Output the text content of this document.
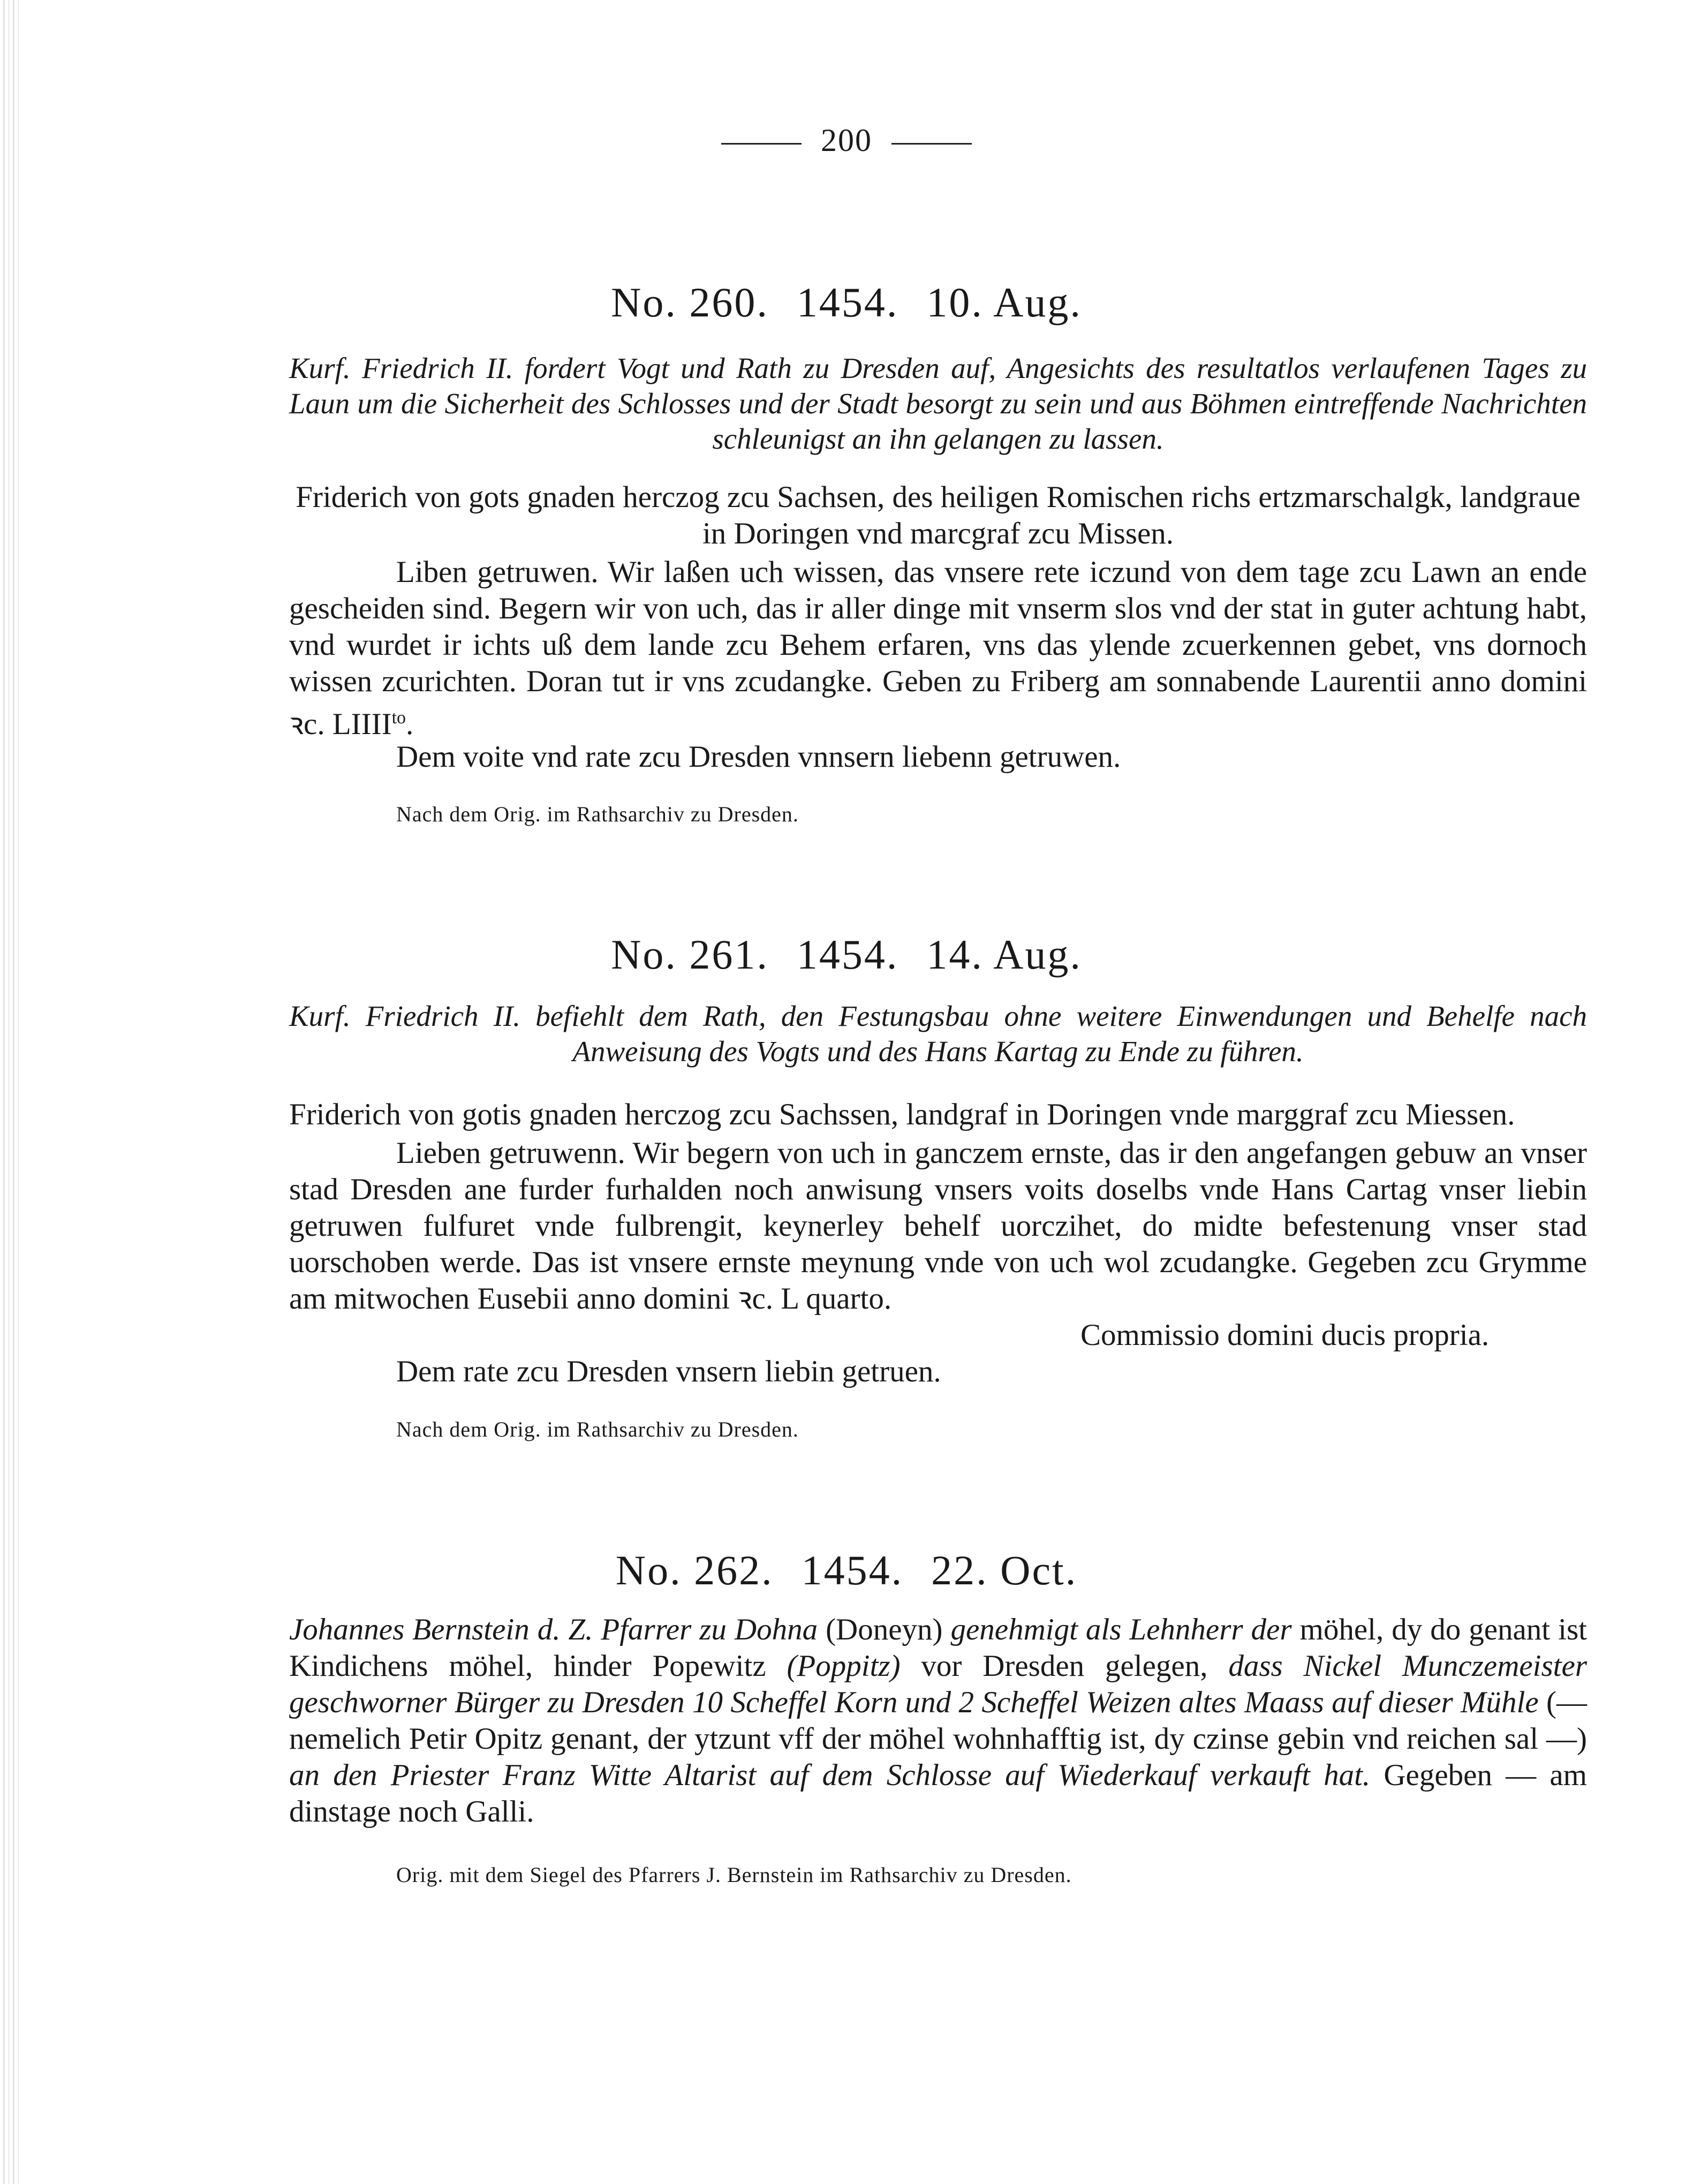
200
No. 260. 1454. 10. Aug.
Kurf. Friedrich II. fordert Vogt und Rath zu Dresden auf, Angesichts des resultatlos verlaufenen Tages zu Laun um die Sicherheit des Schlosses und der Stadt besorgt zu sein und aus Böhmen eintreffende Nachrichten schleunigst an ihn gelangen zu lassen.
Friderich von gots gnaden herczog zcu Sachsen, des heiligen Romischen richs ertzmarschalgk, landgraue in Doringen vnd marcgraf zcu Missen.
Liben getruwen. Wir laßen uch wissen, das vnsere rete iczund von dem tage zcu Lawn an ende gescheiden sind. Begern wir von uch, das ir aller dinge mit vnserm slos vnd der stat in guter achtung habt, vnd wurdet ir ichts uß dem lande zcu Behem erfaren, vns das ylende zcuerkennen gebet, vns dornoch wissen zcurichten. Doran tut ir vns zcudangke. Geben zu Friberg am sonnabende Laurentii anno domini ꝛc. $LIIII^{to}$.
Dem voite vnd rate zcu Dresden vnnsern liebenn getruwen.
Nach dem Orig. im Rathsarchiv zu Dresden.
No. 261. 1454. 14. Aug.
Kurf. Friedrich II. befiehlt dem Rath, den Festungsbau ohne weitere Einwendungen und Behelfe nach Anweisung des Vogts und des Hans Kartag zu Ende zu führen.
Friderich von gotis gnaden herczog zcu Sachssen, landgraf in Doringen vnde marggraf zcu Miessen.
Lieben getruwenn. Wir begern von uch in ganczem ernste, das ir den angefangen gebuw an vnser stad Dresden ane furder furhalden noch anwisung vnsers voits doselbs vnde Hans Cartag vnser liebin getruwen fulfuret vnde fulbrengit, keynerley behelf uorczihet, do midte befestenung vnser stad uorschoben werde. Das ist vnsere ernste meynung vnde von uch wol zcudangke. Gegeben zcu Grymme am mitwochen Eusebii anno domini ꝛc. L quarto.
Commissio domini ducis propria.
Dem rate zcu Dresden vnsern liebin getruen.
Nach dem Orig. im Rathsarchiv zu Dresden.
No. 262. 1454. 22. Oct.
Johannes Bernstein d. Z. Pfarrer zu Dohna (Doneyn) genehmigt als Lehnherr der möhel, dy do genant ist Kindichens möhel, hinder Popewitz (Poppitz) vor Dresden gelegen, dass Nickel Munczemeister geschworner Bürger zu Dresden 10 Scheffel Korn und 2 Scheffel Weizen altes Maass auf dieser Mühle (— nemelich Petir Opitz genant, der ytzunt vff der möhel wohnhafftig ist, dy czinse gebin vnd reichen sal —) an den Priester Franz Witte Altarist auf dem Schlosse auf Wiederkauf verkauft hat. Gegeben — am dinstage noch Galli.
Orig. mit dem Siegel des Pfarrers J. Bernstein im Rathsarchiv zu Dresden.
